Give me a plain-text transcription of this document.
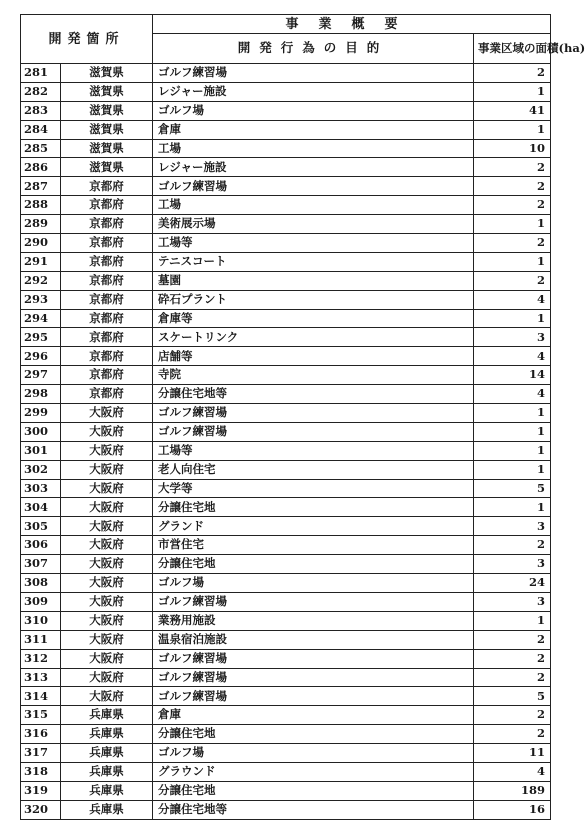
開発箇所		事業概要	
		開発行為の目的	事業区域の面積(ha)
281	滋賀県	ゴルフ練習場	2
282	滋賀県	レジャー施設	1
283	滋賀県	ゴルフ場	41
284	滋賀県	倉庫	1
285	滋賀県	工場	10
286	滋賀県	レジャー施設	2
287	京都府	ゴルフ練習場	2
288	京都府	工場	2
289	京都府	美術展示場	1
290	京都府	工場等	2
291	京都府	テニスコート	1
292	京都府	墓園	2
293	京都府	砕石プラント	4
294	京都府	倉庫等	1
295	京都府	スケートリンク	3
296	京都府	店舗等	4
297	京都府	寺院	14
298	京都府	分譲住宅地等	4
299	大阪府	ゴルフ練習場	1
300	大阪府	ゴルフ練習場	1
301	大阪府	工場等	1
302	大阪府	老人向住宅	1
303	大阪府	大学等	5
304	大阪府	分譲住宅地	1
305	大阪府	グランド	3
306	大阪府	市営住宅	2
307	大阪府	分譲住宅地	3
308	大阪府	ゴルフ場	24
309	大阪府	ゴルフ練習場	3
310	大阪府	業務用施設	1
311	大阪府	温泉宿泊施設	2
312	大阪府	ゴルフ練習場	2
313	大阪府	ゴルフ練習場	2
314	大阪府	ゴルフ練習場	5
315	兵庫県	倉庫	2
316	兵庫県	分譲住宅地	2
317	兵庫県	ゴルフ場	11
318	兵庫県	グラウンド	4
319	兵庫県	分譲住宅地	189
320	兵庫県	分譲住宅地等	16
